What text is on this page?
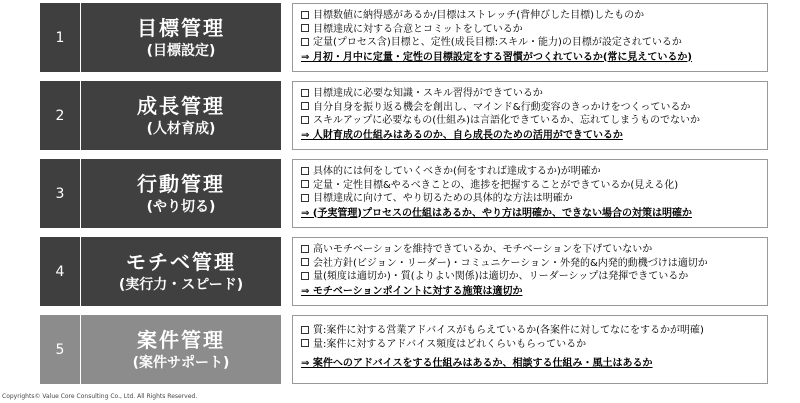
1	目標管理
(目標設定)
目標数値に納得感があるか/目標はストレッチ(背伸びした目標)したものか
目標達成に対する合意とコミットをしているか
定量(プロセス含)目標と、定性(成長目標:スキル・能力)の目標が設定されているか
⇒ 月初・月中に定量・定性の目標設定をする習慣がつくれているか(常に見えているか)
2	成長管理
(人材育成)
目標達成に必要な知識・スキル習得ができているか
自分自身を振り返る機会を創出し、マインド&行動変容のきっかけをつくっているか
スキルアップに必要なもの(仕組み)は言語化できているか、忘れてしまうものでないか
⇒ 人財育成の仕組みはあるのか、自ら成長のための活用ができているか
3	行動管理
(やり切る)
具体的には何をしていくべきか(何をすれば達成するか)が明確か
定量・定性目標&やるべきことの、進捗を把握することができているか(見える化)
目標達成に向けて、やり切るための具体的な方法は明確か
⇒ (予実管理)プロセスの仕組はあるか、やり方は明確か、できない場合の対策は明確か
4	モチベ管理
(実行力・スピード)
高いモチベーションを維持できているか、モチベーションを下げていないか
会社方針(ビジョン・リーダー)・コミュニケーション・外発的&内発的動機づけは適切か
量(頻度は適切か)・質(よりよい関係)は適切か、リーダーシップは発揮できているか
⇒ モチベーションポイントに対する施策は適切か
5	案件管理
(案件サポート)
質:案件に対する営業アドバイスがもらえているか(各案件に対してなにをするかが明確)
量:案件に対するアドバイス頻度はどれくらいもらっているか
⇒ 案件へのアドバイスをする仕組みはあるか、相談する仕組み・風土はあるか
Copyrights© Value Core Consulting Co., Ltd. All Rights Reserved.
